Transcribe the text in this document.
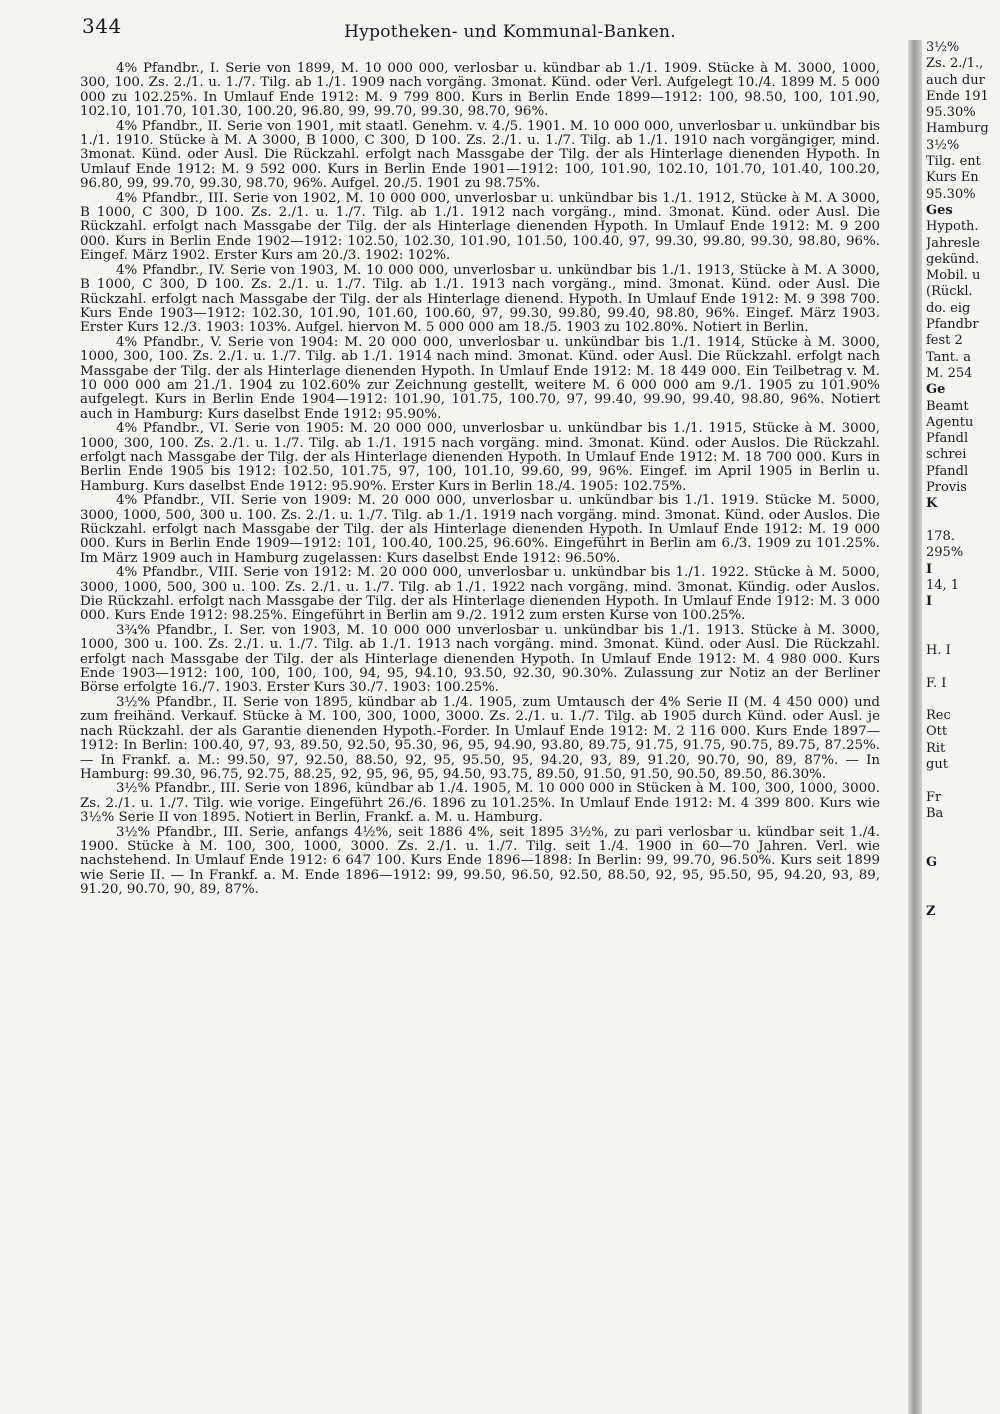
344	Hypotheken- und Kommunal-Banken.

4% Pfandbr., I. Serie von 1899, M. 10 000 000, verlosbar u. kündbar ab 1./1. 1909. Stücke à M. 3000, 1000, 300, 100. Zs. 2./1. u. 1./7. Tilg. ab 1./1. 1909 nach vorgäng. 3monat. Künd. oder Verl. Aufgelegt 10./4. 1899 M. 5 000 000 zu 102.25%. In Umlauf Ende 1912: M. 9 799 800. Kurs in Berlin Ende 1899—1912: 100, 98.50, 100, 101.90, 102.10, 101.70, 101.30, 100.20, 96.80, 99, 99.70, 99.30, 98.70, 96%.

4% Pfandbr., II. Serie von 1901, mit staatl. Genehm. v. 4./5. 1901. M. 10 000 000, unverlosbar u. unkündbar bis 1./1. 1910. Stücke à M. A 3000, B 1000, C 300, D 100. Zs. 2./1. u. 1./7. Tilg. ab 1./1. 1910 nach vorgängiger, mind. 3monat. Künd. oder Ausl. Die Rückzahl. erfolgt nach Massgabe der Tilg. der als Hinterlage dienenden Hypoth. In Umlauf Ende 1912: M. 9 592 000. Kurs in Berlin Ende 1901—1912: 100, 101.90, 102.10, 101.70, 101.40, 100.20, 96.80, 99, 99.70, 99.30, 98.70, 96%. Aufgel. 20./5. 1901 zu 98.75%.

4% Pfandbr., III. Serie von 1902, M. 10 000 000, unverlosbar u. unkündbar bis 1./1. 1912, Stücke à M. A 3000, B 1000, C 300, D 100. Zs. 2./1. u. 1./7. Tilg. ab 1./1. 1912 nach vorgäng., mind. 3monat. Künd. oder Ausl. Die Rückzahl. erfolgt nach Massgabe der Tilg. der als Hinterlage dienenden Hypoth. In Umlauf Ende 1912: M. 9 200 000. Kurs in Berlin Ende 1902—1912: 102.50, 102.30, 101.90, 101.50, 100.40, 97, 99.30, 99.80, 99.30, 98.80, 96%. Eingef. März 1902. Erster Kurs am 20./3. 1902: 102%.

4% Pfandbr., IV. Serie von 1903, M. 10 000 000, unverlosbar u. unkündbar bis 1./1. 1913, Stücke à M. A 3000, B 1000, C 300, D 100. Zs. 2./1. u. 1./7. Tilg. ab 1./1. 1913 nach vorgäng., mind. 3monat. Künd. oder Ausl. Die Rückzahl. erfolgt nach Massgabe der Tilg. der als Hinterlage dienend. Hypoth. In Umlauf Ende 1912: M. 9 398 700. Kurs Ende 1903—1912: 102.30, 101.90, 101.60, 100.60, 97, 99.30, 99.80, 99.40, 98.80, 96%. Eingef. März 1903. Erster Kurs 12./3. 1903: 103%. Aufgel. hiervon M. 5 000 000 am 18./5. 1903 zu 102.80%. Notiert in Berlin.

4% Pfandbr., V. Serie von 1904: M. 20 000 000, unverlosbar u. unkündbar bis 1./1. 1914, Stücke à M. 3000, 1000, 300, 100. Zs. 2./1. u. 1./7. Tilg. ab 1./1. 1914 nach mind. 3monat. Künd. oder Ausl. Die Rückzahl. erfolgt nach Massgabe der Tilg. der als Hinterlage dienenden Hypoth. In Umlauf Ende 1912: M. 18 449 000. Ein Teilbetrag v. M. 10 000 000 am 21./1. 1904 zu 102.60% zur Zeichnung gestellt, weitere M. 6 000 000 am 9./1. 1905 zu 101.90% aufgelegt. Kurs in Berlin Ende 1904—1912: 101.90, 101.75, 100.70, 97, 99.40, 99.90, 99.40, 98.80, 96%. Notiert auch in Hamburg: Kurs daselbst Ende 1912: 95.90%.

4% Pfandbr., VI. Serie von 1905: M. 20 000 000, unverlosbar u. unkündbar bis 1./1. 1915, Stücke à M. 3000, 1000, 300, 100. Zs. 2./1. u. 1./7. Tilg. ab 1./1. 1915 nach vorgäng. mind. 3monat. Künd. oder Auslos. Die Rückzahl. erfolgt nach Massgabe der Tilg. der als Hinterlage dienenden Hypoth. In Umlauf Ende 1912: M. 18 700 000. Kurs in Berlin Ende 1905 bis 1912: 102.50, 101.75, 97, 100, 101.10, 99.60, 99, 96%. Eingef. im April 1905 in Berlin u. Hamburg. Kurs daselbst Ende 1912: 95.90%. Erster Kurs in Berlin 18./4. 1905: 102.75%.

4% Pfandbr., VII. Serie von 1909: M. 20 000 000, unverlosbar u. unkündbar bis 1./1. 1919. Stücke M. 5000, 3000, 1000, 500, 300 u. 100. Zs. 2./1. u. 1./7. Tilg. ab 1./1. 1919 nach vorgäng. mind. 3monat. Künd. oder Auslos. Die Rückzahl. erfolgt nach Massgabe der Tilg. der als Hinterlage dienenden Hypoth. In Umlauf Ende 1912: M. 19 000 000. Kurs in Berlin Ende 1909—1912: 101, 100.40, 100.25, 96.60%. Eingeführt in Berlin am 6./3. 1909 zu 101.25%. Im März 1909 auch in Hamburg zugelassen: Kurs daselbst Ende 1912: 96.50%.

4% Pfandbr., VIII. Serie von 1912: M. 20 000 000, unverlosbar u. unkündbar bis 1./1. 1922. Stücke à M. 5000, 3000, 1000, 500, 300 u. 100. Zs. 2./1. u. 1./7. Tilg. ab 1./1. 1922 nach vorgäng. mind. 3monat. Kündig. oder Auslos. Die Rückzahl. erfolgt nach Massgabe der Tilg. der als Hinterlage dienenden Hypoth. In Umlauf Ende 1912: M. 3 000 000. Kurs Ende 1912: 98.25%. Eingeführt in Berlin am 9./2. 1912 zum ersten Kurse von 100.25%.

3¾% Pfandbr., I. Ser. von 1903, M. 10 000 000 unverlosbar u. unkündbar bis 1./1. 1913. Stücke à M. 3000, 1000, 300 u. 100. Zs. 2./1. u. 1./7. Tilg. ab 1./1. 1913 nach vorgäng. mind. 3monat. Künd. oder Ausl. Die Rückzahl. erfolgt nach Massgabe der Tilg. der als Hinterlage dienenden Hypoth. In Umlauf Ende 1912: M. 4 980 000. Kurs Ende 1903—1912: 100, 100, 100, 100, 94, 95, 94.10, 93.50, 92.30, 90.30%. Zulassung zur Notiz an der Berliner Börse erfolgte 16./7. 1903. Erster Kurs 30./7. 1903: 100.25%.

3½% Pfandbr., II. Serie von 1895, kündbar ab 1./4. 1905, zum Umtausch der 4% Serie II (M. 4 450 000) und zum freihänd. Verkauf. Stücke à M. 100, 300, 1000, 3000. Zs. 2./1. u. 1./7. Tilg. ab 1905 durch Künd. oder Ausl. je nach Rückzahl. der als Garantie dienenden Hypoth.-Forder. In Umlauf Ende 1912: M. 2 116 000. Kurs Ende 1897—1912: In Berlin: 100.40, 97, 93, 89.50, 92.50, 95.30, 96, 95, 94.90, 93.80, 89.75, 91.75, 91.75, 90.75, 89.75, 87.25%. — In Frankf. a. M.: 99.50, 97, 92.50, 88.50, 92, 95, 95.50, 95, 94.20, 93, 89, 91.20, 90.70, 90, 89, 87%. — In Hamburg: 99.30, 96.75, 92.75, 88.25, 92, 95, 96, 95, 94.50, 93.75, 89.50, 91.50, 91.50, 90.50, 89.50, 86.30%.

3½% Pfandbr., III. Serie von 1896, kündbar ab 1./4. 1905, M. 10 000 000 in Stücken à M. 100, 300, 1000, 3000. Zs. 2./1. u. 1./7. Tilg. wie vorige. Eingeführt 26./6. 1896 zu 101.25%. In Umlauf Ende 1912: M. 4 399 800. Kurs wie 3½% Serie II von 1895. Notiert in Berlin, Frankf. a. M. u. Hamburg.

3½% Pfandbr., III. Serie, anfangs 4½%, seit 1886 4%, seit 1895 3½%, zu pari verlosbar u. kündbar seit 1./4. 1900. Stücke à M. 100, 300, 1000, 3000. Zs. 2./1. u. 1./7. Tilg. seit 1./4. 1900 in 60—70 Jahren. Verl. wie nachstehend. In Umlauf Ende 1912: 6 647 100. Kurs Ende 1896—1898: In Berlin: 99, 99.70, 96.50%. Kurs seit 1899 wie Serie II. — In Frankf. a. M. Ende 1896—1912: 99, 99.50, 96.50, 92.50, 88.50, 92, 95, 95.50, 95, 94.20, 93, 89, 91.20, 90.70, 90, 89, 87%.

3½%
Zs. 2./1.,
auch dur
Ende 191
95.30%
Hamburg
3½%
Tilg. ent
Kurs En
95.30%
Ges
Hypoth.
Jahresle
gekünd.
Mobil. u
(Rückl.
do. eig
Pfandbr
fest 2
Tant. a
M. 254
Ge
Beamt
Agentu
Pfandl
schrei
Pfandl
Provis
K

178.
295%
I
14, 1
I

H. I

F. I

Rec
Ott
Rit
gut

Fr
Ba

G

Z
